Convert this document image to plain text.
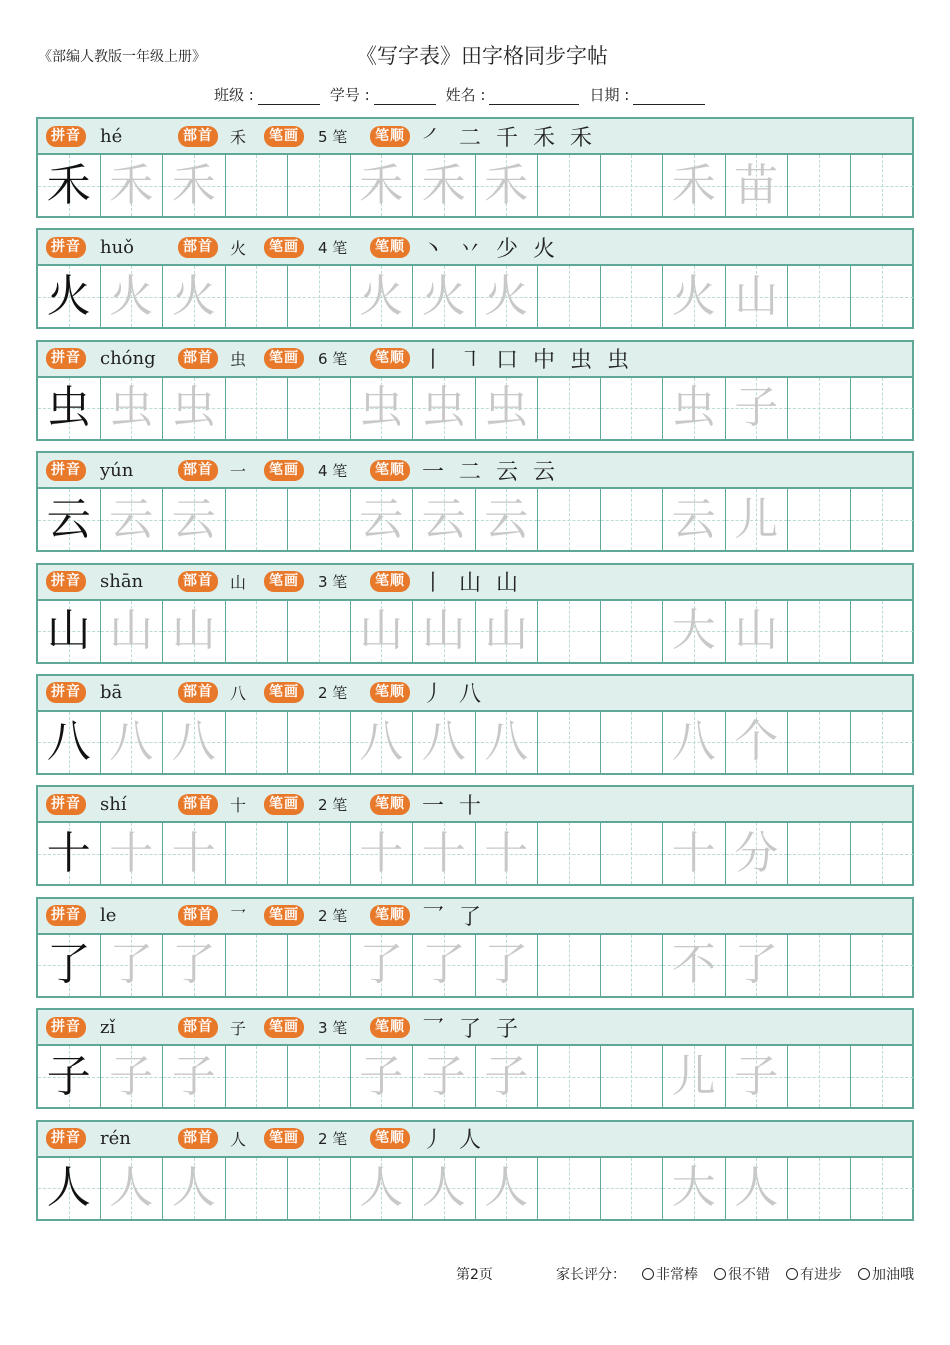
《部编人教版一年级上册》	《写字表》田字格同步字帖
班级 :	学号 :	姓名 :	日期 :
拼音 hé	部首	禾	笔画	5 笔	笔顺 ㇒ 二 千 禾 禾
禾 禾 禾	禾 禾 禾	禾 苗
拼音 huǒ	部首	火	笔画	4 笔	笔顺 丶 丷 少 火
火 火 火	火 火 火	火 山
拼音 chóng	部首	虫	笔画	6 笔	笔顺 丨 ㇕ 口 中 虫 虫
虫 虫 虫	虫 虫 虫	虫 子
拼音 yún	部首	一	笔画	4 笔	笔顺 一 二 云 云
云 云 云	云 云 云	云 儿
拼音 shān	部首	山	笔画	3 笔	笔顺 丨 山 山
山 山 山	山 山 山	大 山
拼音 bā	部首	八	笔画	2 笔	笔顺 丿 八
八 八 八	八 八 八	八 个
拼音 shí	部首	十	笔画	2 笔	笔顺 一 十
十 十 十	十 十 十	十 分
拼音 le	部首	乛	笔画	2 笔	笔顺 乛 了
了 了 了	了 了 了	不 了
拼音 zǐ	部首	子	笔画	3 笔	笔顺 乛 了 子
子 子 子	子 子 子	儿 子
拼音 rén	部首	人	笔画	2 笔	笔顺 丿 人
人 人 人	人 人 人	大 人
第2页	家长评分： 非常棒 很不错 有进步 加油哦
